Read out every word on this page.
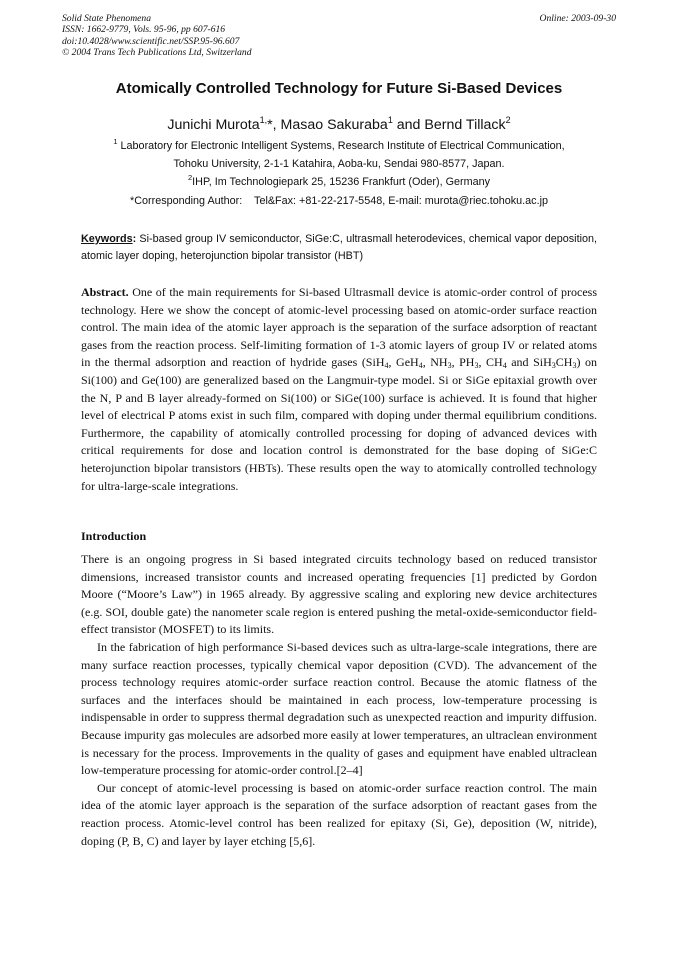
Solid State Phenomena
ISSN: 1662-9779, Vols. 95-96, pp 607-616
doi:10.4028/www.scientific.net/SSP.95-96.607
© 2004 Trans Tech Publications Ltd, Switzerland
Online: 2003-09-30
Atomically Controlled Technology for Future Si-Based Devices
Junichi Murota$^{1,}$*, Masao Sakuraba$^1$ and Bernd Tillack$^2$
$^1$ Laboratory for Electronic Intelligent Systems, Research Institute of Electrical Communication,
Tohoku University, 2-1-1 Katahira, Aoba-ku, Sendai 980-8577, Japan.
$^2$IHP, Im Technologiepark 25, 15236 Frankfurt (Oder), Germany
*Corresponding Author:    Tel&Fax: +81-22-217-5548, E-mail: murota@riec.tohoku.ac.jp
Keywords: Si-based group IV semiconductor, SiGe:C, ultrasmall heterodevices, chemical vapor deposition, atomic layer doping, heterojunction bipolar transistor (HBT)
Abstract. One of the main requirements for Si-based Ultrasmall device is atomic-order control of process technology. Here we show the concept of atomic-level processing based on atomic-order surface reaction control. The main idea of the atomic layer approach is the separation of the surface adsorption of reactant gases from the reaction process. Self-limiting formation of 1-3 atomic layers of group IV or related atoms in the thermal adsorption and reaction of hydride gases (SiH$_4$, GeH$_4$, $NH_3$, $PH_3$, $CH_4$ and $SiH_3CH_3$) on Si(100) and Ge(100) are generalized based on the Langmuir-type model. Si or SiGe epitaxial growth over the N, P and B layer already-formed on Si(100) or SiGe(100) surface is achieved. It is found that higher level of electrical P atoms exist in such film, compared with doping under thermal equilibrium conditions. Furthermore, the capability of atomically controlled processing for doping of advanced devices with critical requirements for dose and location control is demonstrated for the base doping of SiGe:C heterojunction bipolar transistors (HBTs). These results open the way to atomically controlled technology for ultra-large-scale integrations.
Introduction

There is an ongoing progress in Si based integrated circuits technology based on reduced transistor dimensions, increased transistor counts and increased operating frequencies [1] predicted by Gordon Moore (“Moore’s Law”) in 1965 already. By aggressive scaling and exploring new device architectures (e.g. SOI, double gate) the nanometer scale region is entered pushing the metal-oxide-semiconductor field-effect transistor (MOSFET) to its limits.

In the fabrication of high performance Si-based devices such as ultra-large-scale integrations, there are many surface reaction processes, typically chemical vapor deposition (CVD). The advancement of the process technology requires atomic-order surface reaction control. Because the atomic flatness of the surfaces and the interfaces should be maintained in each process, low-temperature processing is indispensable in order to suppress thermal degradation such as unexpected reaction and impurity diffusion. Because impurity gas molecules are adsorbed more easily at lower temperatures, an ultraclean environment is necessary for the process. Improvements in the quality of gases and equipment have enabled ultraclean low-temperature processing for atomic-order control.[2–4]

Our concept of atomic-level processing is based on atomic-order surface reaction control. The main idea of the atomic layer approach is the separation of the surface adsorption of reactant gases from the reaction process. Atomic-level control has been realized for epitaxy (Si, Ge), deposition (W, nitride), doping (P, B, C) and layer by layer etching [5,6].
